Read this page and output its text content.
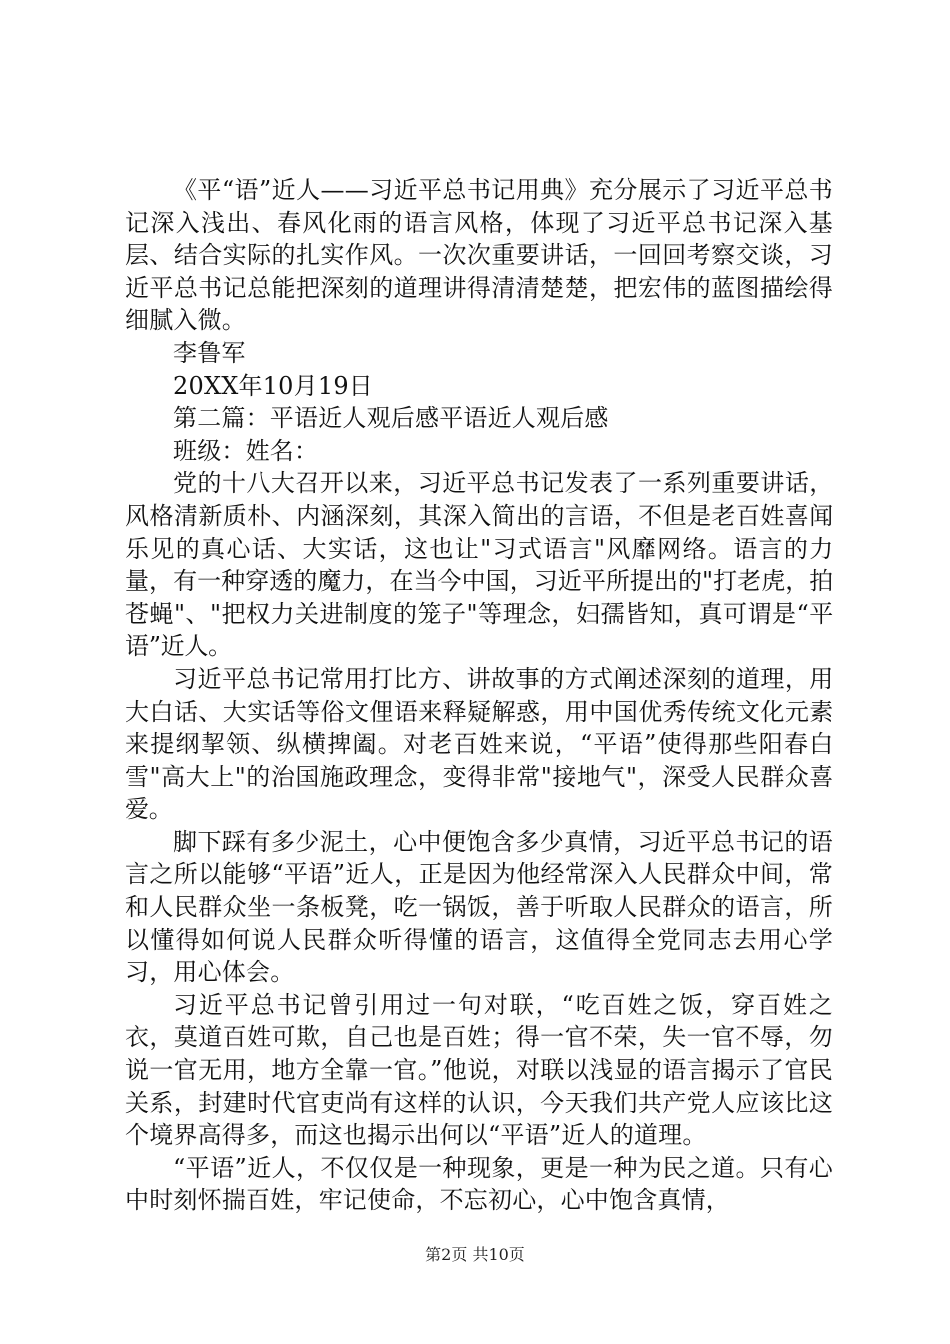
《平“语”近人——习近平总书记用典》充分展示了习近平总书记深入浅出、春风化雨的语言风格，体现了习近平总书记深入基层、结合实际的扎实作风。一次次重要讲话，一回回考察交谈，习近平总书记总能把深刻的道理讲得清清楚楚，把宏伟的蓝图描绘得细腻入微。

李鲁军

20XX年10月19日

第二篇：平语近人观后感平语近人观后感

班级：姓名：

党的十八大召开以来，习近平总书记发表了一系列重要讲话，风格清新质朴、内涵深刻，其深入简出的言语，不但是老百姓喜闻乐见的真心话、大实话，这也让"习式语言"风靡网络。语言的力量，有一种穿透的魔力，在当今中国，习近平所提出的"打老虎，拍苍蝇"、"把权力关进制度的笼子"等理念，妇孺皆知，真可谓是“平语”近人。

习近平总书记常用打比方、讲故事的方式阐述深刻的道理，用大白话、大实话等俗文俚语来释疑解惑，用中国优秀传统文化元素来提纲挈领、纵横捭阖。对老百姓来说，“平语”使得那些阳春白雪"高大上"的治国施政理念，变得非常"接地气"，深受人民群众喜爱。

脚下踩有多少泥土，心中便饱含多少真情，习近平总书记的语言之所以能够“平语”近人，正是因为他经常深入人民群众中间，常和人民群众坐一条板凳，吃一锅饭，善于听取人民群众的语言，所以懂得如何说人民群众听得懂的语言，这值得全党同志去用心学习，用心体会。

习近平总书记曾引用过一句对联，“吃百姓之饭，穿百姓之衣，莫道百姓可欺，自己也是百姓；得一官不荣，失一官不辱，勿说一官无用，地方全靠一官。”他说，对联以浅显的语言揭示了官民关系，封建时代官吏尚有这样的认识，今天我们共产党人应该比这个境界高得多，而这也揭示出何以“平语”近人的道理。

“平语”近人，不仅仅是一种现象，更是一种为民之道。只有心中时刻怀揣百姓，牢记使命，不忘初心，心中饱含真情，

第2页 共10页
